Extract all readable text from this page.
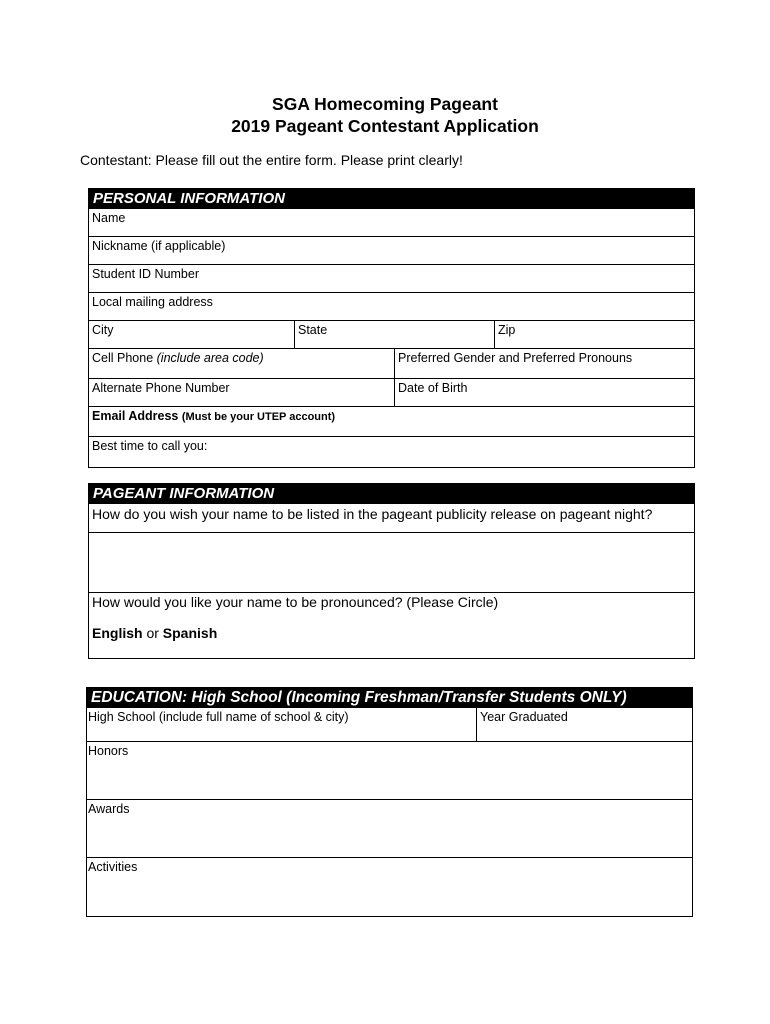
SGA Homecoming Pageant
2019 Pageant Contestant Application
Contestant: Please fill out the entire form. Please print clearly!
PERSONAL INFORMATION
Name
Nickname (if applicable)
Student ID Number
Local mailing address
City	State	Zip
Cell Phone (include area code)	Preferred Gender and Preferred Pronouns
Alternate Phone Number	Date of Birth
Email Address (Must be your UTEP account)
Best time to call you:
PAGEANT INFORMATION
How do you wish your name to be listed in the pageant publicity release on pageant night?
How would you like your name to be pronounced? (Please Circle)
English or Spanish
EDUCATION: High School (Incoming Freshman/Transfer Students ONLY)
High School (include full name of school & city)	Year Graduated
Honors
Awards
Activities
